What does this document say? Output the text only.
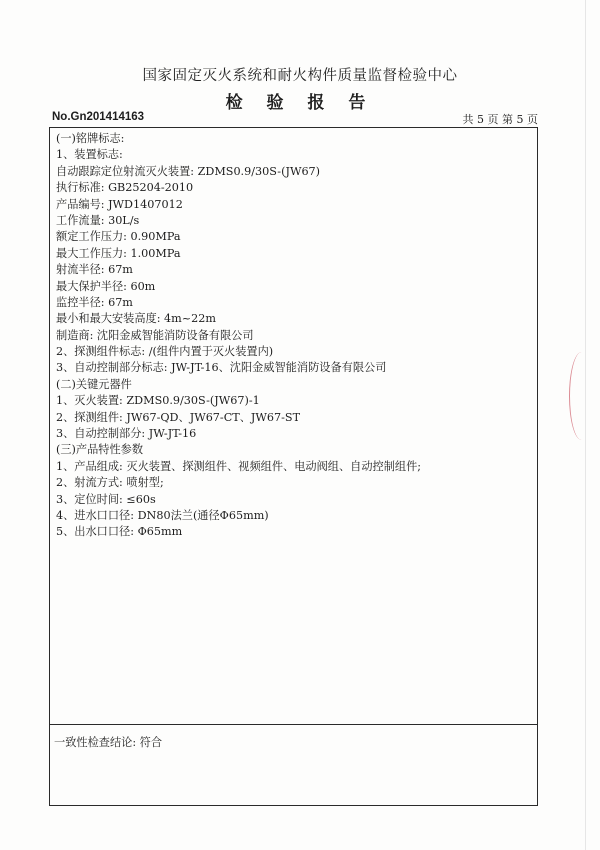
国家固定灭火系统和耐火构件质量监督检验中心
检 验 报 告
No.Gn201414163	共 5 页 第 5 页
(一)铭牌标志:
1、装置标志:
自动跟踪定位射流灭火装置: ZDMS0.9/30S-(JW67)
执行标准: GB25204-2010
产品编号: JWD1407012
工作流量: 30L/s
额定工作压力: 0.90MPa
最大工作压力: 1.00MPa
射流半径: 67m
最大保护半径: 60m
监控半径: 67m
最小和最大安装高度: 4m~22m
制造商: 沈阳金威智能消防设备有限公司
2、探测组件标志: /(组件内置于灭火装置内)
3、自动控制部分标志: JW-JT-16、沈阳金威智能消防设备有限公司
(二)关键元器件
1、灭火装置: ZDMS0.9/30S-(JW67)-1
2、探测组件: JW67-QD、JW67-CT、JW67-ST
3、自动控制部分: JW-JT-16
(三)产品特性参数
1、产品组成: 灭火装置、探测组件、视频组件、电动阀组、自动控制组件;
2、射流方式: 喷射型;
3、定位时间: ≤60s
4、进水口口径: DN80法兰(通径Φ65mm)
5、出水口口径: Φ65mm
一致性检查结论: 符合
